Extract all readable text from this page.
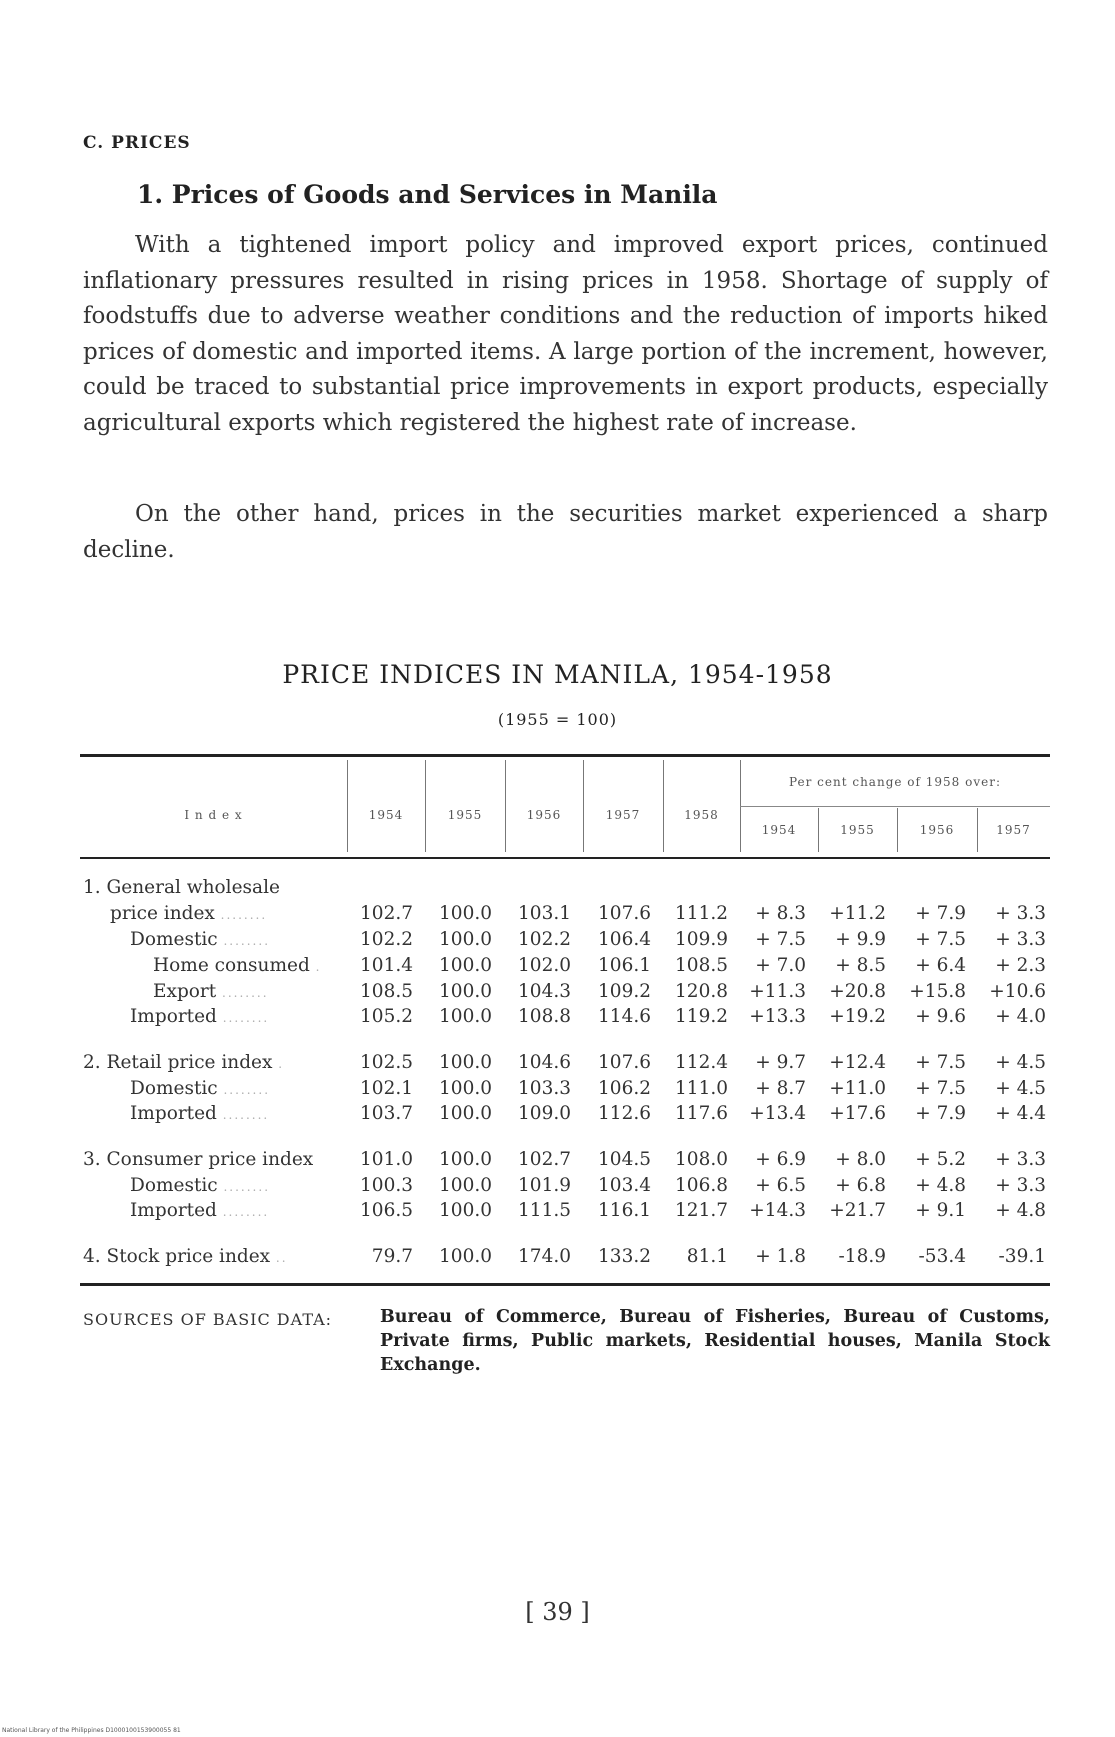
C. PRICES
1. Prices of Goods and Services in Manila
With a tightened import policy and improved export prices, continued inflationary pressures resulted in rising prices in 1958. Shortage of supply of foodstuffs due to adverse weather conditions and the reduction of imports hiked prices of domestic and imported items. A large portion of the increment, however, could be traced to substantial price improvements in export products, especially agricultural exports which registered the highest rate of increase.
On the other hand, prices in the securities market experienced a sharp decline.
PRICE INDICES IN MANILA, 1954-1958
(1955 = 100)
I n d e x	1954	1955	1956	1957	1958
Per cent change of 1958 over:
1954	1955	1956	1957
1. General wholesale
price index ........	102.7	100.0	103.1	107.6	111.2	+ 8.3	+11.2	+ 7.9	+ 3.3
Domestic ........	102.2	100.0	102.2	106.4	109.9	+ 7.5	+ 9.9	+ 7.5	+ 3.3
Home consumed .	101.4	100.0	102.0	106.1	108.5	+ 7.0	+ 8.5	+ 6.4	+ 2.3
Export ........	108.5	100.0	104.3	109.2	120.8	+11.3	+20.8	+15.8	+10.6
Imported ........	105.2	100.0	108.8	114.6	119.2	+13.3	+19.2	+ 9.6	+ 4.0
2. Retail price index .	102.5	100.0	104.6	107.6	112.4	+ 9.7	+12.4	+ 7.5	+ 4.5
Domestic ........	102.1	100.0	103.3	106.2	111.0	+ 8.7	+11.0	+ 7.5	+ 4.5
Imported ........	103.7	100.0	109.0	112.6	117.6	+13.4	+17.6	+ 7.9	+ 4.4
3. Consumer price index	101.0	100.0	102.7	104.5	108.0	+ 6.9	+ 8.0	+ 5.2	+ 3.3
Domestic ........	100.3	100.0	101.9	103.4	106.8	+ 6.5	+ 6.8	+ 4.8	+ 3.3
Imported ........	106.5	100.0	111.5	116.1	121.7	+14.3	+21.7	+ 9.1	+ 4.8
4. Stock price index ..	79.7	100.0	174.0	133.2	81.1	+ 1.8	-18.9	-53.4	-39.1
SOURCES OF BASIC DATA:	Bureau of Commerce, Bureau of Fisheries, Bureau of Customs, Private firms, Public markets, Residential houses, Manila Stock Exchange.
[ 39 ]
National Library of the Philippines D1000100153900055 81
